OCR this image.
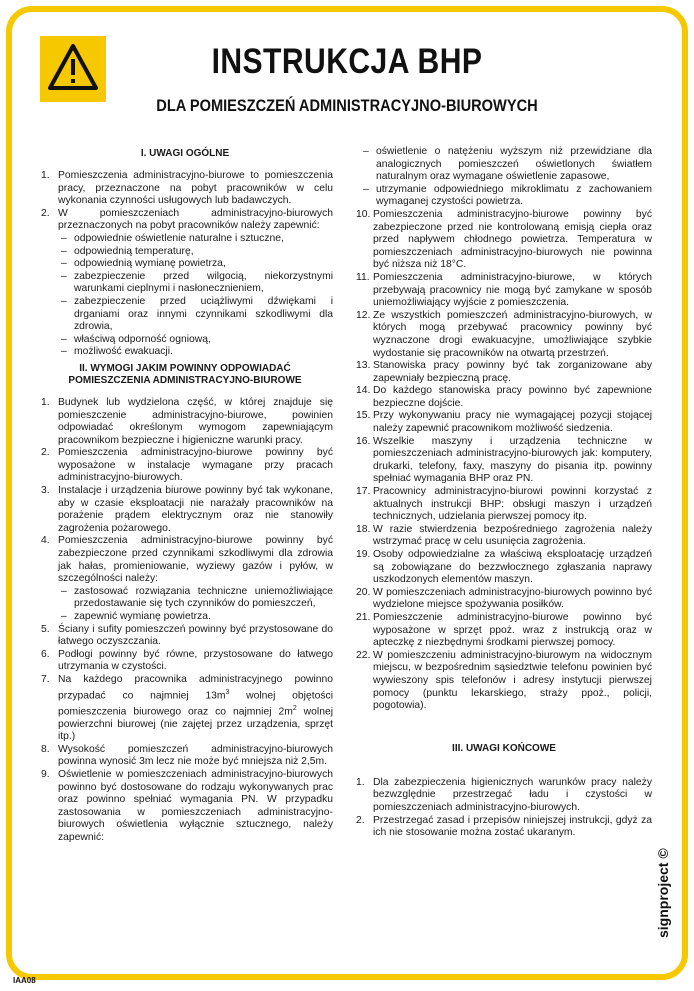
INSTRUKCJA BHP
DLA POMIESZCZEŃ ADMINISTRACYJNO-BIUROWYCH
I. UWAGI OGÓLNE
1. Pomieszczenia administracyjno-biurowe to pomieszczenia pracy, przeznaczone na pobyt pracowników w celu wykonania czynności usługowych lub badawczych.
2. W pomieszczeniach administracyjno-biurowych przeznaczonych na pobyt pracowników należy zapewnić:
– odpowiednie oświetlenie naturalne i sztuczne,
– odpowiednią temperaturę,
– odpowiednią wymianę powietrza,
– zabezpieczenie przed wilgocią, niekorzystnymi warunkami cieplnymi i nasłonecznieniem,
– zabezpieczenie przed uciążliwymi dźwiękami i drganiami oraz innymi czynnikami szkodliwymi dla zdrowia,
– właściwą odporność ogniową,
– możliwość ewakuacji.
II. WYMOGI JAKIM POWINNY ODPOWIADAĆ
POMIESZCZENIA ADMINISTRACYJNO-BIUROWE
1. Budynek lub wydzielona część, w której znajduje się pomieszczenie administracyjno-biurowe, powinien odpowiadać określonym wymogom zapewniającym pracownikom bezpieczne i higieniczne warunki pracy.
2. Pomieszczenia administracyjno-biurowe powinny być wyposażone w instalacje wymagane przy pracach administracyjno-biurowych.
3. Instalacje i urządzenia biurowe powinny być tak wykonane, aby w czasie eksploatacji nie narażały pracowników na porażenie prądem elektrycznym oraz nie stanowiły zagrożenia pożarowego.
4. Pomieszczenia administracyjno-biurowe powinny być zabezpieczone przed czynnikami szkodliwymi dla zdrowia jak hałas, promieniowanie, wyziewy gazów i pyłów, w szczególności należy:
– zastosować rozwiązania techniczne uniemożliwiające przedostawanie się tych czynników do pomieszczeń,
– zapewnić wymianę powietrza.
5. Ściany i sufity pomieszczeń powinny być przystosowane do łatwego oczyszczania.
6. Podłogi powinny być równe, przystosowane do łatwego utrzymania w czystości.
7. Na każdego pracownika administracyjnego powinno przypadać co najmniej $13m^3$ wolnej objętości pomieszczenia biurowego oraz co najmniej $2m^2$ wolnej powierzchni biurowej (nie zajętej przez urządzenia, sprzęt itp.)
8. Wysokość pomieszczeń administracyjno-biurowych powinna wynosić 3m lecz nie może być mniejsza niż 2,5m.
9. Oświetlenie w pomieszczeniach administracyjno-biurowych powinno być dostosowane do rodzaju wykonywanych prac oraz powinno spełniać wymagania PN. W przypadku zastosowania w pomieszczeniach administracyjno-biurowych oświetlenia wyłącznie sztucznego, należy zapewnić:
– oświetlenie o natężeniu wyższym niż przewidziane dla analogicznych pomieszczeń oświetlonych światłem naturalnym oraz wymagane oświetlenie zapasowe,
– utrzymanie odpowiedniego mikroklimatu z zachowaniem wymaganej czystości powietrza.
10. Pomieszczenia administracyjno-biurowe powinny być zabezpieczone przed nie kontrolowaną emisją ciepła oraz przed napływem chłodnego powietrza. Temperatura w pomieszczeniach administracyjno-biurowych nie powinna być niższa niż 18°C.
11. Pomieszczenia administracyjno-biurowe, w których przebywają pracownicy nie mogą być zamykane w sposób uniemożliwiający wyjście z pomieszczenia.
12. Ze wszystkich pomieszczeń administracyjno-biurowych, w których mogą przebywać pracownicy powinny być wyznaczone drogi ewakuacyjne, umożliwiające szybkie wydostanie się pracowników na otwartą przestrzeń.
13. Stanowiska pracy powinny być tak zorganizowane aby zapewniały bezpieczną pracę.
14. Do każdego stanowiska pracy powinno być zapewnione bezpieczne dojście.
15. Przy wykonywaniu pracy nie wymagającej pozycji stojącej należy zapewnić pracownikom możliwość siedzenia.
16. Wszelkie maszyny i urządzenia techniczne w pomieszczeniach administracyjno-biurowych jak: komputery, drukarki, telefony, faxy, maszyny do pisania itp. powinny spełniać wymagania BHP oraz PN.
17. Pracownicy administracyjno-biurowi powinni korzystać z aktualnych instrukcji BHP: obsługi maszyn i urządzeń technicznych, udzielania pierwszej pomocy itp.
18. W razie stwierdzenia bezpośredniego zagrożenia należy wstrzymać pracę w celu usunięcia zagrożenia.
19. Osoby odpowiedzialne za właściwą eksploatację urządzeń są zobowiązane do bezzwłocznego zgłaszania naprawy uszkodzonych elementów maszyn.
20. W pomieszczeniach administracyjno-biurowych powinno być wydzielone miejsce spożywania posiłków.
21. Pomieszczenie administracyjno-biurowe powinno być wyposażone w sprzęt ppoż. wraz z instrukcją oraz w apteczkę z niezbędnymi środkami pierwszej pomocy.
22. W pomieszczeniu administracyjno-biurowym na widocznym miejscu, w bezpośrednim sąsiedztwie telefonu powinien być wywieszony spis telefonów i adresy instytucji pierwszej pomocy (punktu lekarskiego, straży ppoż., policji, pogotowia).
III. UWAGI KOŃCOWE
1. Dla zabezpieczenia higienicznych warunków pracy należy bezwzględnie przestrzegać ładu i czystości w pomieszczeniach administracyjno-biurowych.
2. Przestrzegać zasad i przepisów niniejszej instrukcji, gdyż za ich nie stosowanie można zostać ukaranym.
signproject ©
IAA08
